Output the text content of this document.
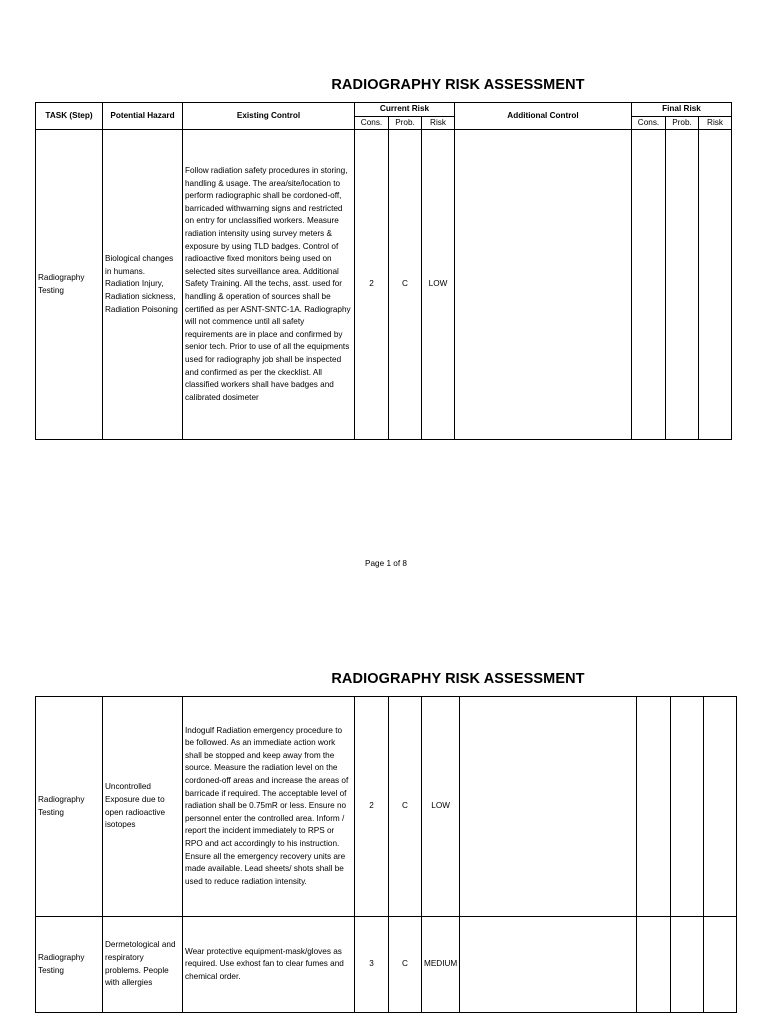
RADIOGRAPHY RISK ASSESSMENT
TASK (Step)	Potential Hazard	Existing Control	Current Risk			Additional Control	Final Risk		
			Cons.	Prob.	Risk		Cons.	Prob.	Risk
Radiography Testing	Biological changes in humans. Radiation Injury, Radiation sickness, Radiation Poisoning	Follow radiation safety procedures in storing, handling & usage. The area/site/location to perform radiographic shall be cordoned-off, barricaded withwarning signs and restricted on entry for unclassified workers. Measure radiation intensity using survey meters & exposure by using TLD badges. Control of radioactive fixed monitors being used on selected sites surveillance area. Additional Safety Training. All the techs, asst. used for handling & operation of sources shall be certified as per ASNT-SNTC-1A. Radiography will not commence until all safety requirements are in place and confirmed by senior tech. Prior to use of all the equipments used for radiography job shall be inspected and confirmed as per the ckecklist. All classified workers shall have badges and calibrated dosimeter	2	C	LOW				
Page 1 of 8
RADIOGRAPHY RISK ASSESSMENT
Radiography Testing	Uncontrolled Exposure due to open radioactive isotopes	Indogulf Radiation emergency procedure to be followed. As an immediate action work shall be stopped and keep away from the source. Measure the radiation level on the cordoned-off areas and increase the areas of barricade if required. The acceptable level of radiation shall be 0.75mR or less. Ensure no personnel enter the controlled area. Inform / report the incident immediately to RPS or RPO and act accordingly to his instruction. Ensure all the emergency recovery units are made available. Lead sheets/ shots shall be used to reduce radiation intensity.	2	C	LOW				
Radiography Testing	Dermetological and respiratory problems. People with allergies	Wear protective equipment-mask/gloves as required. Use exhost fan to clear fumes and chemical order.	3	C	MEDIUM				
